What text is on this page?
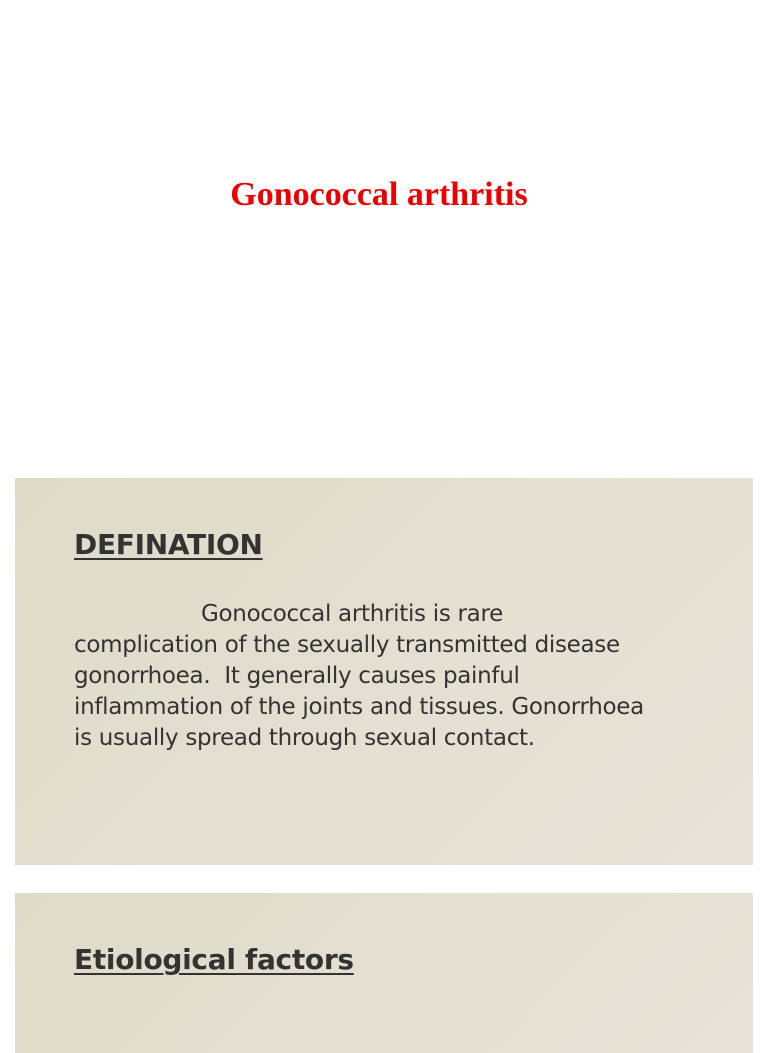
Gonococcal arthritis
DEFINATION

Gonococcal arthritis is rare
complication of the sexually transmitted disease
gonorrhoea.  It generally causes painful
inflammation of the joints and tissues. Gonorrhoea
is usually spread through sexual contact.

Etiological factors
